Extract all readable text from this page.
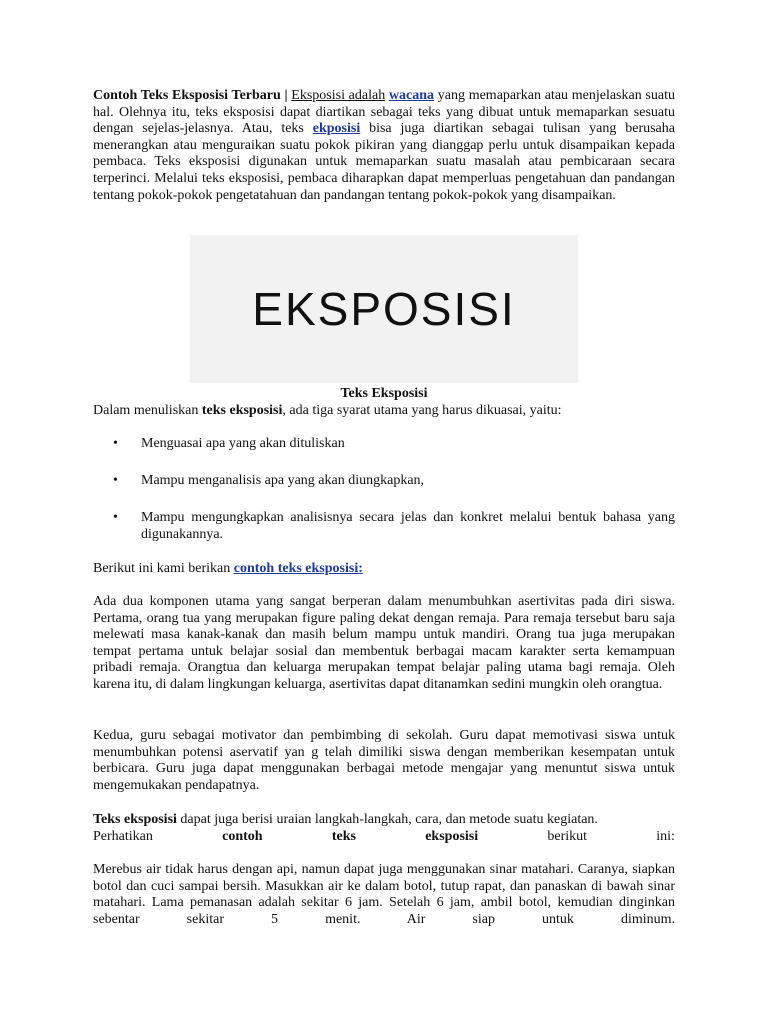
Contoh Teks Eksposisi Terbaru | Eksposisi adalah wacana yang memaparkan atau menjelaskan suatu hal. Olehnya itu, teks eksposisi dapat diartikan sebagai teks yang dibuat untuk memaparkan sesuatu dengan sejelas-jelasnya. Atau, teks ekposisi bisa juga diartikan sebagai tulisan yang berusaha menerangkan atau menguraikan suatu pokok pikiran yang dianggap perlu untuk disampaikan kepada pembaca. Teks eksposisi digunakan untuk memaparkan suatu masalah atau pembicaraan secara terperinci. Melalui teks eksposisi, pembaca diharapkan dapat memperluas pengetahuan dan pandangan tentang pokok-pokok pengetatahuan dan pandangan tentang pokok-pokok yang disampaikan.

EKSPOSISI
Teks Eksposisi

Dalam menuliskan teks eksposisi, ada tiga syarat utama yang harus dikuasai, yaitu:

• Menguasai apa yang akan dituliskan
• Mampu menganalisis apa yang akan diungkapkan,
• Mampu mengungkapkan analisisnya secara jelas dan konkret melalui bentuk bahasa yang digunakannya.

Berikut ini kami berikan contoh teks eksposisi:

Ada dua komponen utama yang sangat berperan dalam menumbuhkan asertivitas pada diri siswa. Pertama, orang tua yang merupakan figure paling dekat dengan remaja. Para remaja tersebut baru saja melewati masa kanak-kanak dan masih belum mampu untuk mandiri. Orang tua juga merupakan tempat pertama untuk belajar sosial dan membentuk berbagai macam karakter serta kemampuan pribadi remaja. Orangtua dan keluarga merupakan tempat belajar paling utama bagi remaja. Oleh karena itu, di dalam lingkungan keluarga, asertivitas dapat ditanamkan sedini mungkin oleh orangtua.

Kedua, guru sebagai motivator dan pembimbing di sekolah. Guru dapat memotivasi siswa untuk menumbuhkan potensi aservatif yan g telah dimiliki siswa dengan memberikan kesempatan untuk berbicara. Guru juga dapat menggunakan berbagai metode mengajar yang menuntut siswa untuk mengemukakan pendapatnya.

Teks eksposisi dapat juga berisi uraian langkah-langkah, cara, dan metode suatu kegiatan.

Perhatikan	contoh	teks	eksposisi	berikut	ini:

Merebus air tidak harus dengan api, namun dapat juga menggunakan sinar matahari. Caranya, siapkan botol dan cuci sampai bersih. Masukkan air ke dalam botol, tutup rapat, dan panaskan di bawah sinar matahari. Lama pemanasan adalah sekitar 6 jam. Setelah 6 jam, ambil botol, kemudian dinginkan sebentar sekitar 5 menit. Air siap untuk diminum.
